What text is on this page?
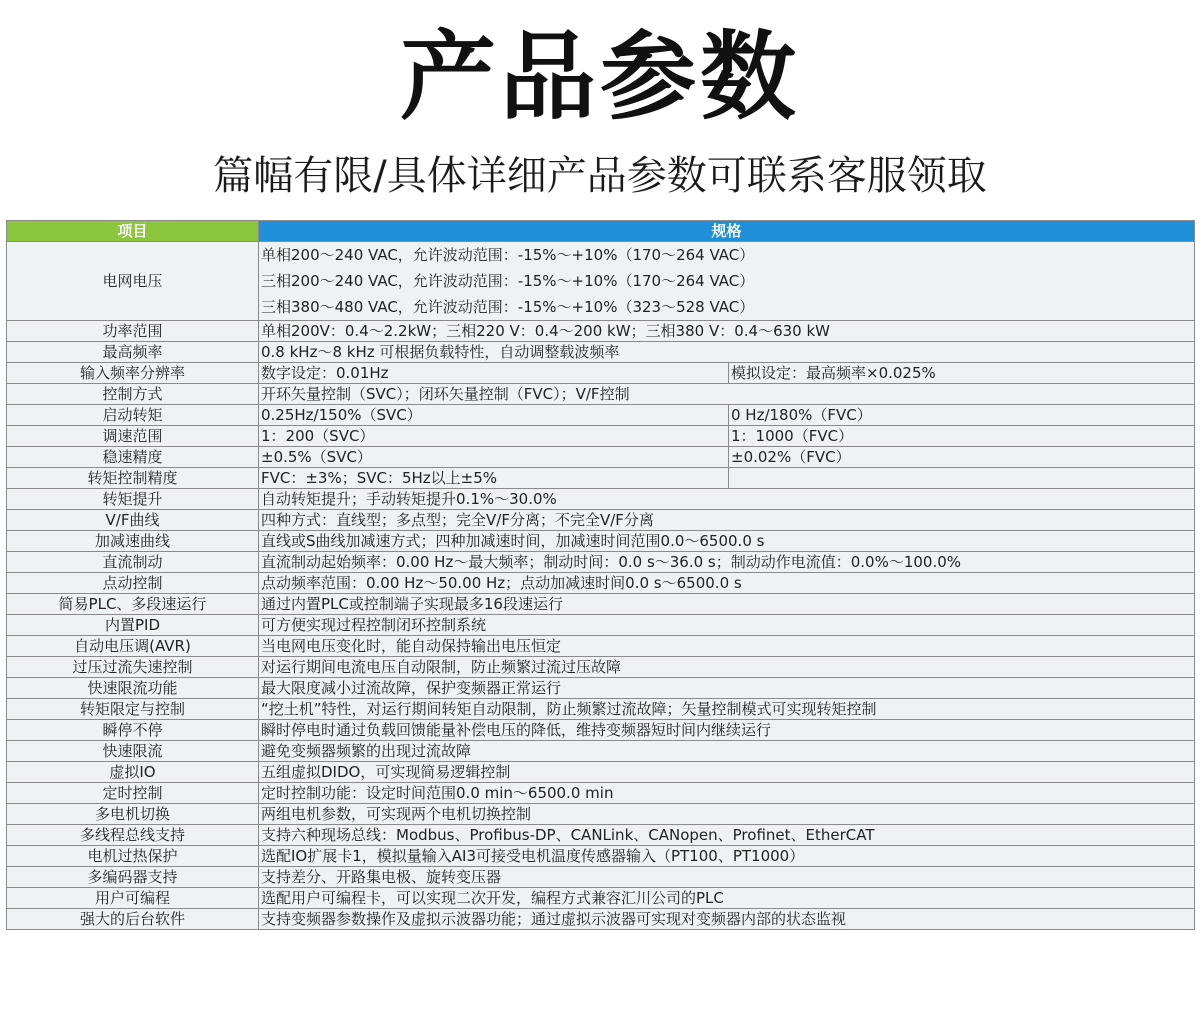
产品参数
篇幅有限/具体详细产品参数可联系客服领取
项目	规格	
电网电压	单相200～240 VAC，允许波动范围：-15%～+10%（170～264 VAC）
三相200～240 VAC，允许波动范围：-15%～+10%（170～264 VAC）
三相380～480 VAC，允许波动范围：-15%～+10%（323～528 VAC）	

功率范围	单相200V：0.4～2.2kW；三相220 V：0.4～200 kW；三相380 V：0.4～630 kW	
最高频率	0.8 kHz～8 kHz 可根据负载特性，自动调整载波频率	
输入频率分辨率	数字设定：0.01Hz	模拟设定：最高频率×0.025%
控制方式	开环矢量控制（SVC）；闭环矢量控制（FVC）；V/F控制	
启动转矩	0.25Hz/150%（SVC）	0 Hz/180%（FVC）
调速范围	1：200（SVC）	1：1000（FVC）
稳速精度	±0.5%（SVC）	±0.02%（FVC）
转矩控制精度	FVC：±3%；SVC：5Hz以上±5%	
转矩提升	自动转矩提升；手动转矩提升0.1%～30.0%	
V/F曲线	四种方式：直线型；多点型；完全V/F分离；不完全V/F分离	
加减速曲线	直线或S曲线加减速方式；四种加减速时间，加减速时间范围0.0～6500.0 s	
直流制动	直流制动起始频率：0.00 Hz～最大频率；制动时间：0.0 s～36.0 s；制动动作电流值：0.0%～100.0%	
点动控制	点动频率范围：0.00 Hz～50.00 Hz；点动加减速时间0.0 s～6500.0 s	
简易PLC、多段速运行	通过内置PLC或控制端子实现最多16段速运行	
内置PID	可方便实现过程控制闭环控制系统	
自动电压调(AVR)	当电网电压变化时，能自动保持输出电压恒定	
过压过流失速控制	对运行期间电流电压自动限制，防止频繁过流过压故障	
快速限流功能	最大限度减小过流故障，保护变频器正常运行	
转矩限定与控制	“挖土机”特性，对运行期间转矩自动限制，防止频繁过流故障；矢量控制模式可实现转矩控制	
瞬停不停	瞬时停电时通过负载回馈能量补偿电压的降低，维持变频器短时间内继续运行	
快速限流	避免变频器频繁的出现过流故障	
虚拟IO	五组虚拟DIDO，可实现简易逻辑控制	
定时控制	定时控制功能：设定时间范围0.0 min～6500.0 min	
多电机切换	两组电机参数，可实现两个电机切换控制	
多线程总线支持	支持六种现场总线：Modbus、Profibus-DP、CANLink、CANopen、Profinet、EtherCAT	
电机过热保护	选配IO扩展卡1，模拟量输入AI3可接受电机温度传感器输入（PT100、PT1000）	
多编码器支持	支持差分、开路集电极、旋转变压器	
用户可编程	选配用户可编程卡，可以实现二次开发，编程方式兼容汇川公司的PLC	
强大的后台软件	支持变频器参数操作及虚拟示波器功能；通过虚拟示波器可实现对变频器内部的状态监视	
